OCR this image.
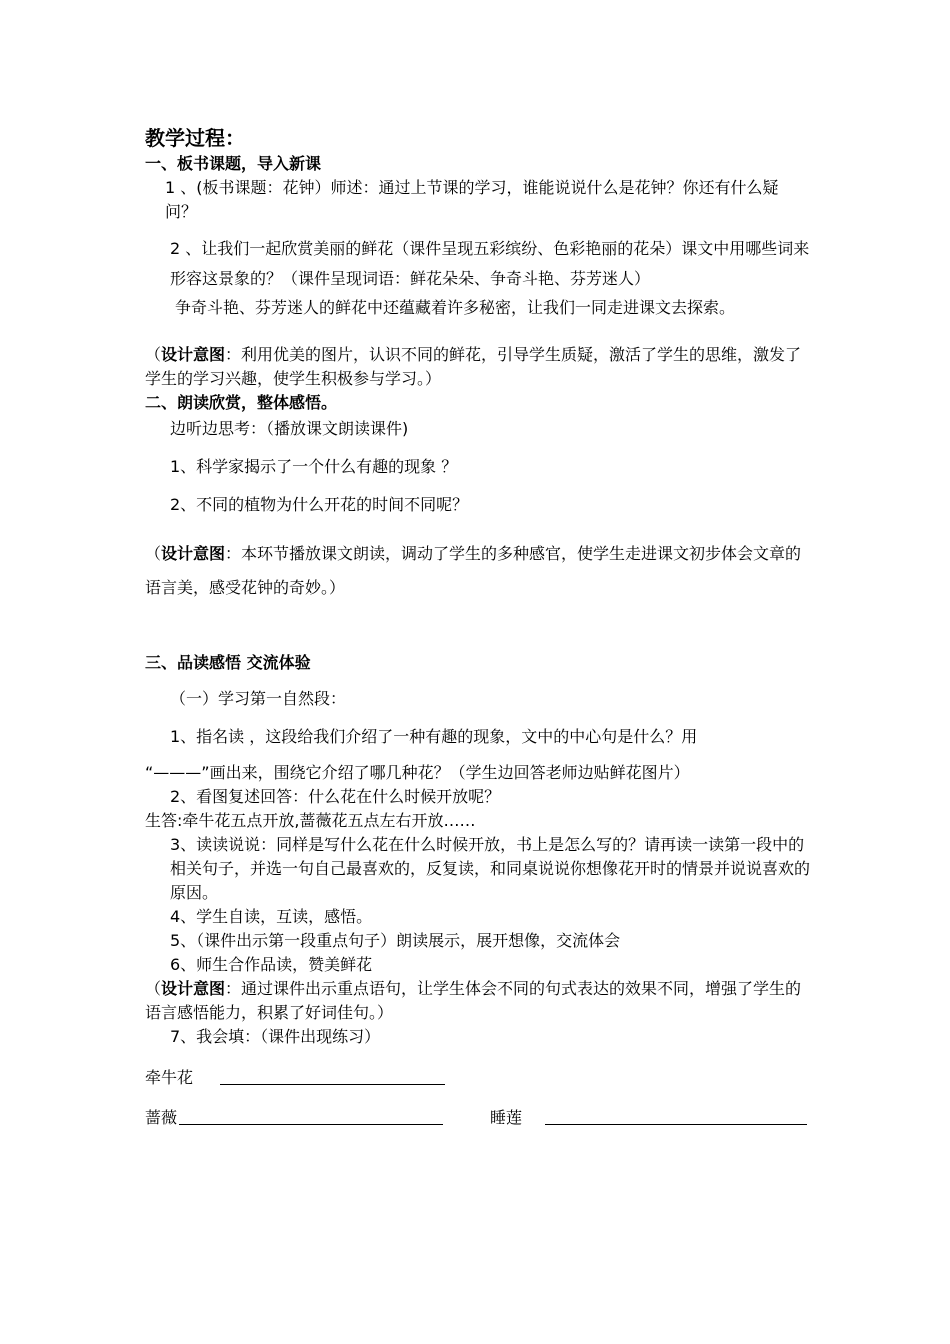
教学过程：

一、板书课题，导入新课

1 、(板书课题：花钟）师述：通过上节课的学习，谁能说说什么是花钟？你还有什么疑问？

2 、让我们一起欣赏美丽的鲜花（课件呈现五彩缤纷、色彩艳丽的花朵）课文中用哪些词来形容这景象的？（课件呈现词语：鲜花朵朵、争奇斗艳、芬芳迷人）

争奇斗艳、芬芳迷人的鲜花中还蕴藏着许多秘密，让我们一同走进课文去探索。

（设计意图：利用优美的图片，认识不同的鲜花，引导学生质疑，激活了学生的思维，激发了学生的学习兴趣，使学生积极参与学习。）

二、朗读欣赏，整体感悟。

边听边思考：（播放课文朗读课件)

1、科学家揭示了一个什么有趣的现象 ？

2、不同的植物为什么开花的时间不同呢？

（设计意图：本环节播放课文朗读，调动了学生的多种感官，使学生走进课文初步体会文章的语言美，感受花钟的奇妙。）

三、品读感悟 交流体验

（一）学习第一自然段：

1、指名读 ，这段给我们介绍了一种有趣的现象，文中的中心句是什么？用

“———”画出来，围绕它介绍了哪几种花？（学生边回答老师边贴鲜花图片）

2、看图复述回答：什么花在什么时候开放呢？

生答:牵牛花五点开放,蔷薇花五点左右开放……

3、读读说说：同样是写什么花在什么时候开放，书上是怎么写的？请再读一读第一段中的相关句子，并选一句自己最喜欢的，反复读，和同桌说说你想像花开时的情景并说说喜欢的原因。

4、学生自读，互读，感悟。

5、（课件出示第一段重点句子）朗读展示，展开想像，交流体会

6、师生合作品读，赞美鲜花

（设计意图：通过课件出示重点语句，让学生体会不同的句式表达的效果不同，增强了学生的语言感悟能力，积累了好词佳句。）

7、我会填：（课件出现练习）

牵牛花
蔷薇	睡莲
